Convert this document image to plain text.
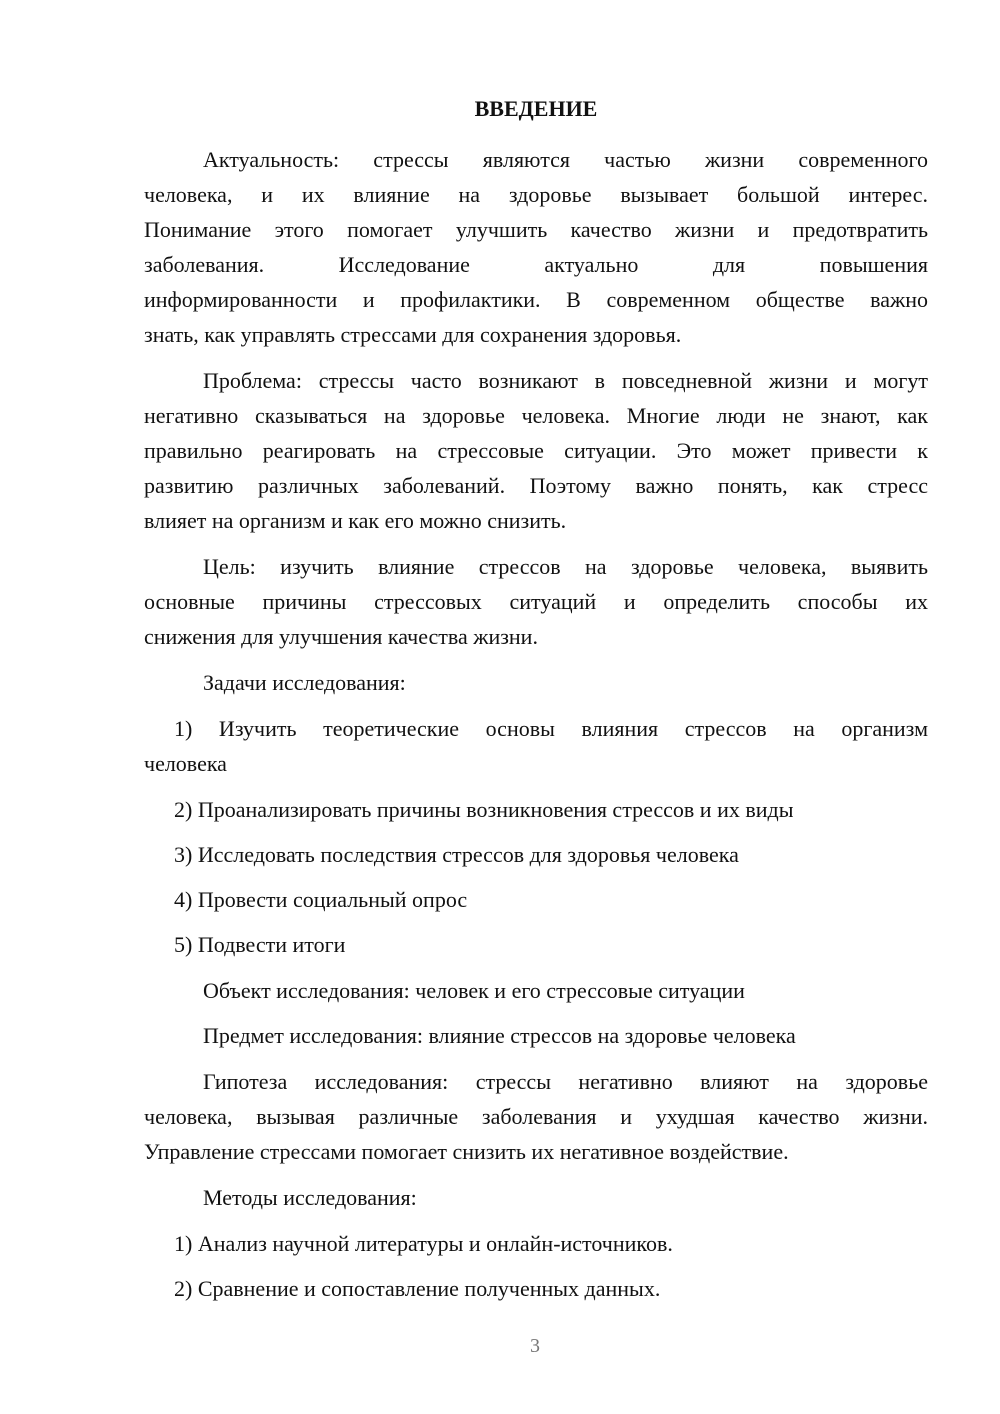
ВВЕДЕНИЕ
Актуальность: стрессы являются частью жизни современного
человека, и их влияние на здоровье вызывает большой интерес.
Понимание этого помогает улучшить качество жизни и предотвратить
заболевания. Исследование актуально для повышения
информированности и профилактики. В современном обществе важно
знать, как управлять стрессами для сохранения здоровья.
Проблема: стрессы часто возникают в повседневной жизни и могут
негативно сказываться на здоровье человека. Многие люди не знают, как
правильно реагировать на стрессовые ситуации. Это может привести к
развитию различных заболеваний. Поэтому важно понять, как стресс
влияет на организм и как его можно снизить.
Цель: изучить влияние стрессов на здоровье человека, выявить
основные причины стрессовых ситуаций и определить способы их
снижения для улучшения качества жизни.
Задачи исследования:
1) Изучить теоретические основы влияния стрессов на организм
человека
2) Проанализировать причины возникновения стрессов и их виды
3) Исследовать последствия стрессов для здоровья человека
4) Провести социальный опрос
5) Подвести итоги
Объект исследования: человек и его стрессовые ситуации
Предмет исследования: влияние стрессов на здоровье человека
Гипотеза исследования: стрессы негативно влияют на здоровье
человека, вызывая различные заболевания и ухудшая качество жизни.
Управление стрессами помогает снизить их негативное воздействие.
Методы исследования:
1) Анализ научной литературы и онлайн-источников.
2) Сравнение и сопоставление полученных данных.
3
